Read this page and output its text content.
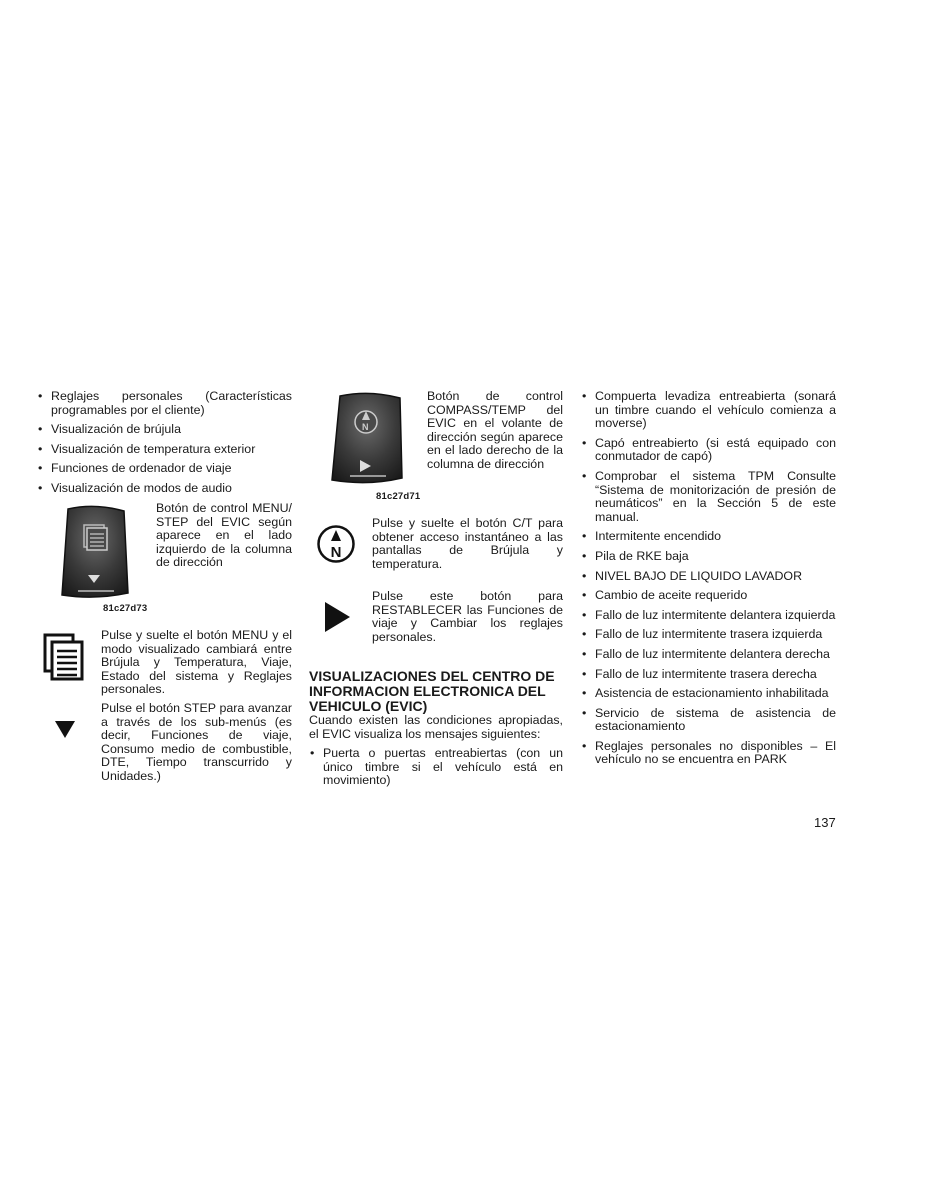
• Reglajes personales (Características programables por el cliente)
• Visualización de brújula
• Visualización de temperatura exterior
• Funciones de ordenador de viaje
• Visualización de modos de audio
Botón de control MENU/ STEP del EVIC según aparece en el lado izquierdo de la columna de dirección
81c27d73
Pulse y suelte el botón MENU y el modo visualizado cambiará entre Brújula y Temperatura, Viaje, Estado del sistema y Reglajes personales.
Pulse el botón STEP para avanzar a través de los sub-menús (es decir, Funciones de viaje, Consumo medio de combustible, DTE, Tiempo transcurrido y Unidades.)
N
Botón de control COMPASS/TEMP del EVIC en el volante de dirección según aparece en el lado derecho de la columna de dirección
81c27d71
N
Pulse y suelte el botón C/T para obtener acceso instantáneo a las pantallas de Brújula y temperatura.
Pulse este botón para RESTABLECER las Funciones de viaje y Cambiar los reglajes personales.
VISUALIZACIONES DEL CENTRO DE INFORMACION ELECTRONICA DEL VEHICULO (EVIC)
Cuando existen las condiciones apropiadas, el EVIC visualiza los mensajes siguientes:
• Puerta o puertas entreabiertas (con un único timbre si el vehículo está en movimiento)
• Compuerta levadiza entreabierta (sonará un timbre cuando el vehículo comienza a moverse)
• Capó entreabierto (si está equipado con conmutador de capó)
• Comprobar el sistema TPM Consulte “Sistema de monitorización de presión de neumáticos” en la Sección 5 de este manual.
• Intermitente encendido
• Pila de RKE baja
• NIVEL BAJO DE LIQUIDO LAVADOR
• Cambio de aceite requerido
• Fallo de luz intermitente delantera izquierda
• Fallo de luz intermitente trasera izquierda
• Fallo de luz intermitente delantera derecha
• Fallo de luz intermitente trasera derecha
• Asistencia de estacionamiento inhabilitada
• Servicio de sistema de asistencia de estacionamiento
• Reglajes personales no disponibles – El vehículo no se encuentra en PARK
137
